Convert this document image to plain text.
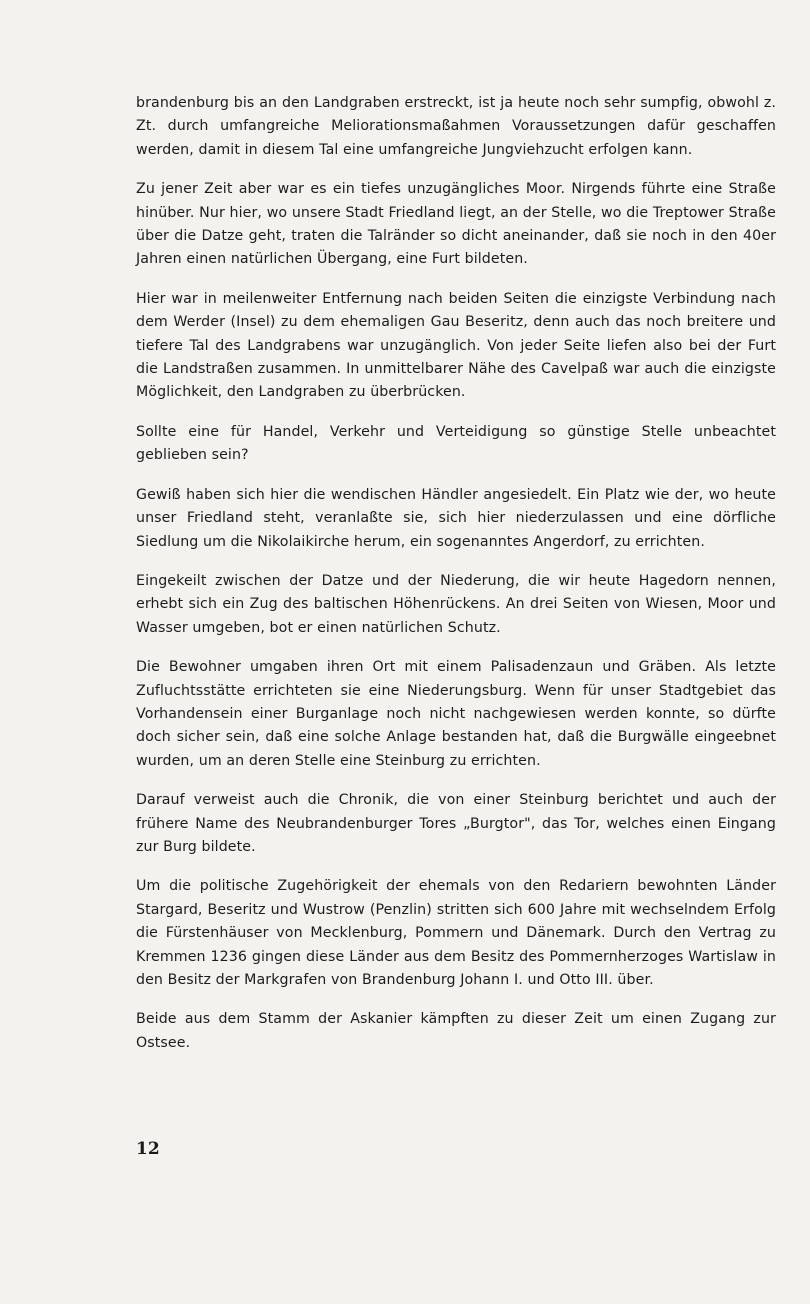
brandenburg bis an den Landgraben erstreckt, ist ja heute noch sehr sumpfig, obwohl z. Zt. durch umfangreiche Meliorationsmaßahmen Voraussetzungen dafür geschaffen werden, damit in diesem Tal eine umfangreiche Jungviehzucht erfolgen kann.

Zu jener Zeit aber war es ein tiefes unzugängliches Moor. Nirgends führte eine Straße hinüber. Nur hier, wo unsere Stadt Friedland liegt, an der Stelle, wo die Treptower Straße über die Datze geht, traten die Talränder so dicht aneinander, daß sie noch in den 40er Jahren einen natürlichen Übergang, eine Furt bildeten.

Hier war in meilenweiter Entfernung nach beiden Seiten die einzigste Verbindung nach dem Werder (Insel) zu dem ehemaligen Gau Beseritz, denn auch das noch breitere und tiefere Tal des Landgrabens war unzugänglich. Von jeder Seite liefen also bei der Furt die Landstraßen zusammen. In unmittelbarer Nähe des Cavelpaß war auch die einzigste Möglichkeit, den Landgraben zu überbrücken.

Sollte eine für Handel, Verkehr und Verteidigung so günstige Stelle unbeachtet geblieben sein?

Gewiß haben sich hier die wendischen Händler angesiedelt. Ein Platz wie der, wo heute unser Friedland steht, veranlaßte sie, sich hier niederzulassen und eine dörfliche Siedlung um die Nikolaikirche herum, ein sogenanntes Angerdorf, zu errichten.

Eingekeilt zwischen der Datze und der Niederung, die wir heute Hagedorn nennen, erhebt sich ein Zug des baltischen Höhenrückens. An drei Seiten von Wiesen, Moor und Wasser umgeben, bot er einen natürlichen Schutz.

Die Bewohner umgaben ihren Ort mit einem Palisadenzaun und Gräben. Als letzte Zufluchtsstätte errichteten sie eine Niederungsburg. Wenn für unser Stadtgebiet das Vorhandensein einer Burganlage noch nicht nachgewiesen werden konnte, so dürfte doch sicher sein, daß eine solche Anlage bestanden hat, daß die Burgwälle eingeebnet wurden, um an deren Stelle eine Steinburg zu errichten.

Darauf verweist auch die Chronik, die von einer Steinburg berichtet und auch der frühere Name des Neubrandenburger Tores „Burgtor", das Tor, welches einen Eingang zur Burg bildete.

Um die politische Zugehörigkeit der ehemals von den Redariern bewohnten Länder Stargard, Beseritz und Wustrow (Penzlin) stritten sich 600 Jahre mit wechselndem Erfolg die Fürstenhäuser von Mecklenburg, Pommern und Dänemark. Durch den Vertrag zu Kremmen 1236 gingen diese Länder aus dem Besitz des Pommernherzoges Wartislaw in den Besitz der Markgrafen von Brandenburg Johann I. und Otto III. über.

Beide aus dem Stamm der Askanier kämpften zu dieser Zeit um einen Zugang zur Ostsee.

12
